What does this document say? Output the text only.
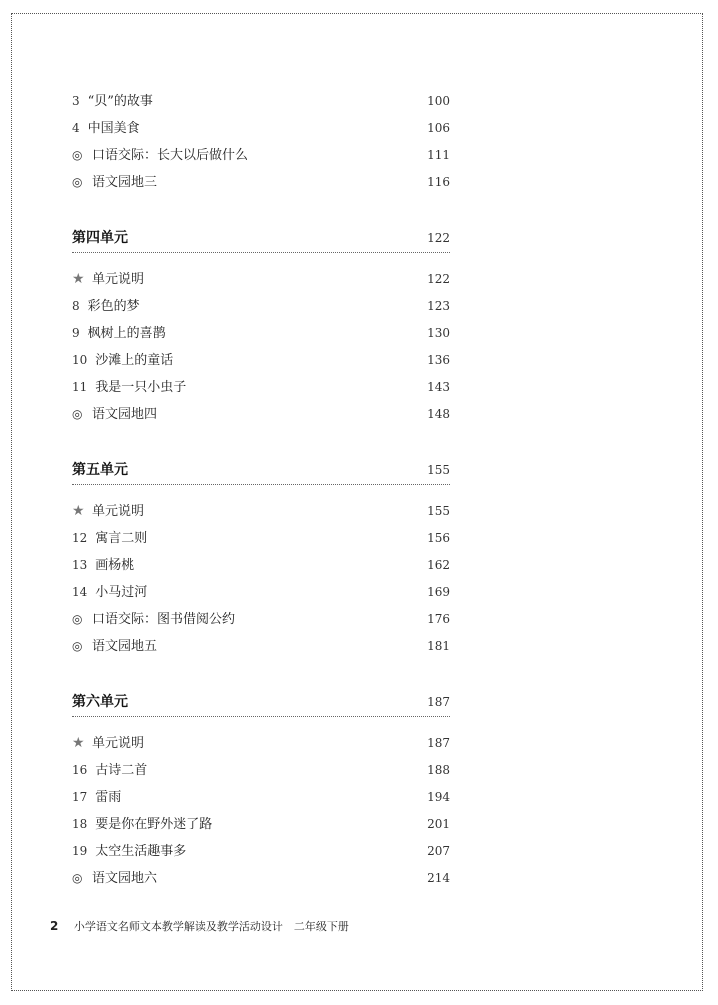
3 “贝”的故事	100
4 中国美食	106
◎ 口语交际：长大以后做什么	111
◎ 语文园地三	116
第四单元	122
★ 单元说明	122
8 彩色的梦	123
9 枫树上的喜鹊	130
10 沙滩上的童话	136
11 我是一只小虫子	143
◎ 语文园地四	148
第五单元	155
★ 单元说明	155
12 寓言二则	156
13 画杨桃	162
14 小马过河	169
◎ 口语交际：图书借阅公约	176
◎ 语文园地五	181
第六单元	187
★ 单元说明	187
16 古诗二首	188
17 雷雨	194
18 要是你在野外迷了路	201
19 太空生活趣事多	207
◎ 语文园地六	214
2 小学语文名师文本教学解读及教学活动设计　二年级下册
